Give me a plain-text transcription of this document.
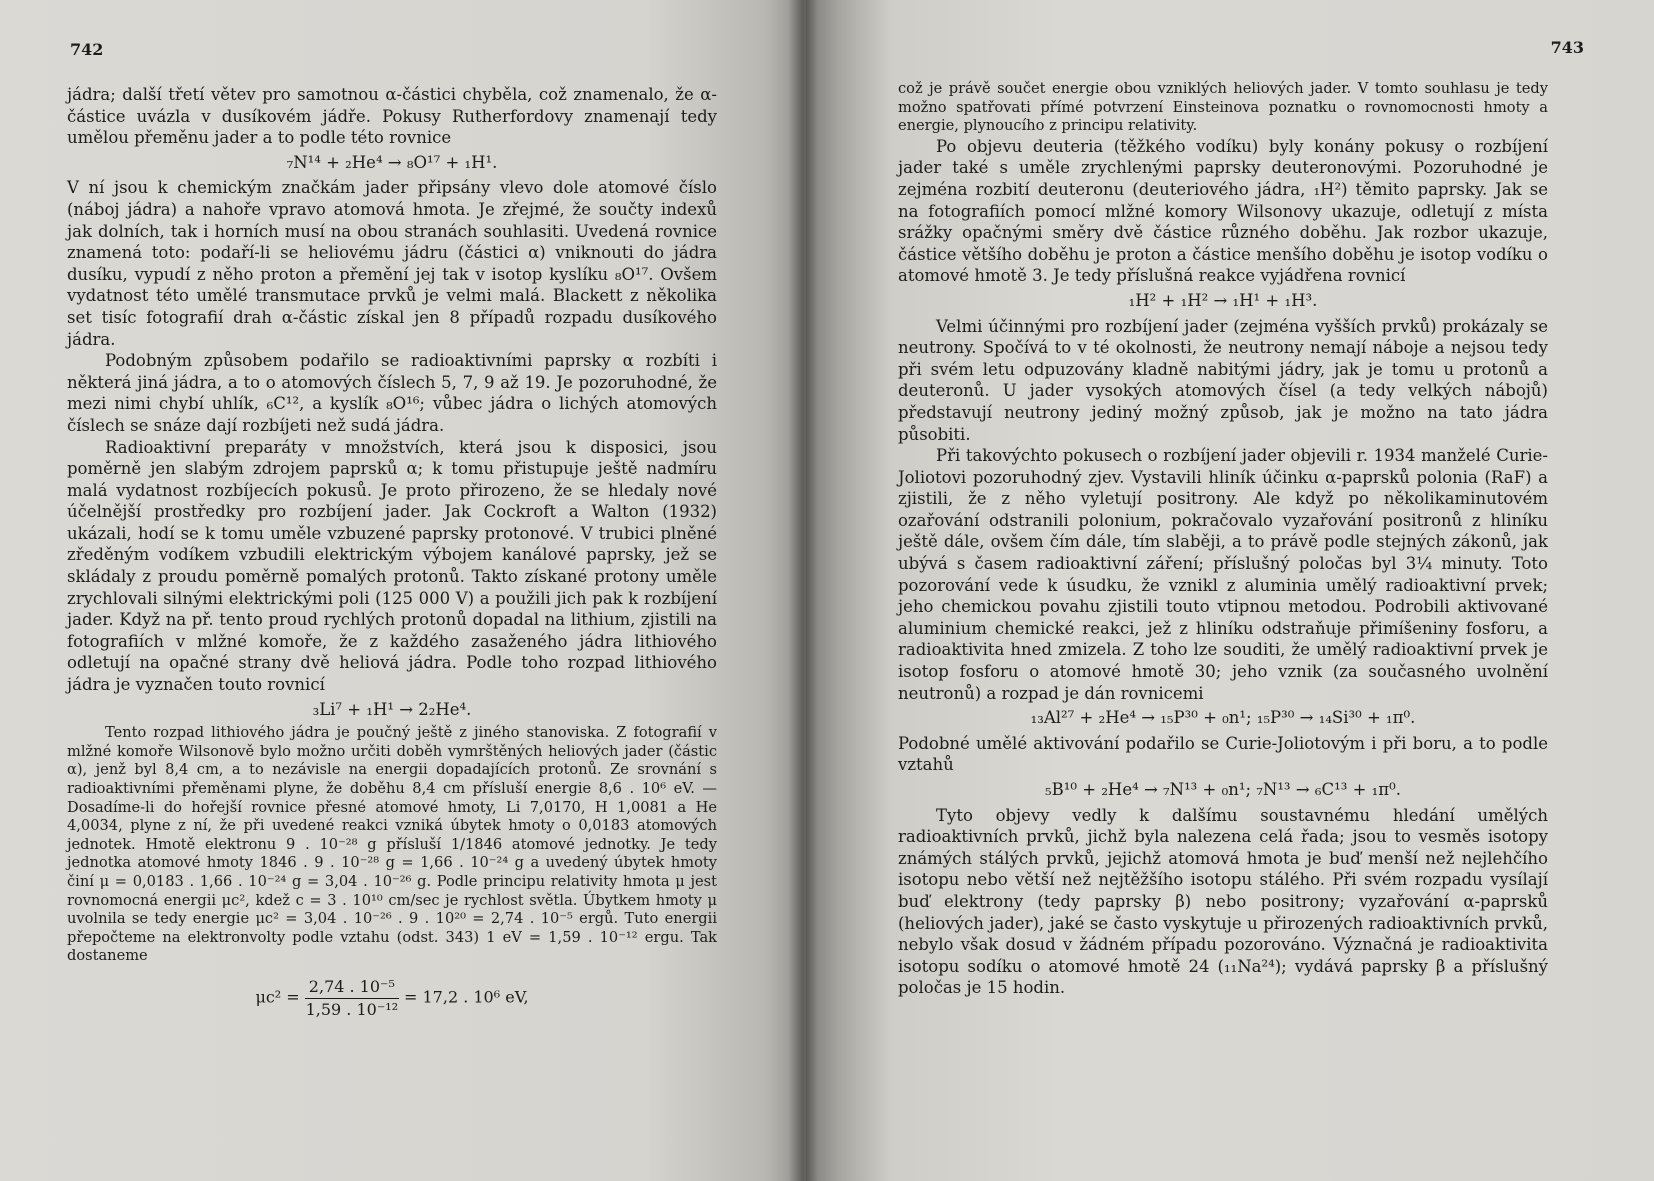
742

jádra; další třetí větev pro samotnou α-částici chyběla, což znamenalo, že α-částice uvázla v dusíkovém jádře. Pokusy Rutherfordovy znamenají tedy umělou přeměnu jader a to podle této rovnice

₇N¹⁴ + ₂He⁴ → ₈O¹⁷ + ₁H¹.

V ní jsou k chemickým značkám jader připsány vlevo dole atomové číslo (náboj jádra) a nahoře vpravo atomová hmota. Je zřejmé, že součty indexů jak dolních, tak i horních musí na obou stranách souhlasiti. Uvedená rovnice znamená toto: podaří-li se heliovému jádru (částici α) vniknouti do jádra dusíku, vypudí z něho proton a přemění jej tak v isotop kyslíku ₈O¹⁷. Ovšem vydatnost této umělé transmutace prvků je velmi malá. Blackett z několika set tisíc fotografií drah α-částic získal jen 8 případů rozpadu dusíkového jádra.

Podobným způsobem podařilo se radioaktivními paprsky α rozbíti i některá jiná jádra, a to o atomových číslech 5, 7, 9 až 19. Je pozoruhodné, že mezi nimi chybí uhlík, ₆C¹², a kyslík ₈O¹⁶; vůbec jádra o lichých atomových číslech se snáze dají rozbíjeti než sudá jádra.

Radioaktivní preparáty v množstvích, která jsou k disposici, jsou poměrně jen slabým zdrojem paprsků α; k tomu přistupuje ještě nadmíru malá vydatnost rozbíjecích pokusů. Je proto přirozeno, že se hledaly nové účelnější prostředky pro rozbíjení jader. Jak Cockroft a Walton (1932) ukázali, hodí se k tomu uměle vzbuzené paprsky protonové. V trubici plněné zředěným vodíkem vzbudili elektrickým výbojem kanálové paprsky, jež se skládaly z proudu poměrně pomalých protonů. Takto získané protony uměle zrychlovali silnými elektrickými poli (125 000 V) a použili jich pak k rozbíjení jader. Když na př. tento proud rychlých protonů dopadal na lithium, zjistili na fotografiích v mlžné komoře, že z každého zasaženého jádra lithiového odletují na opačné strany dvě heliová jádra. Podle toho rozpad lithiového jádra je vyznačen touto rovnicí

₃Li⁷ + ₁H¹ → 2₂He⁴.

Tento rozpad lithiového jádra je poučný ještě z jiného stanoviska. Z fotografií v mlžné komoře Wilsonově bylo možno určiti doběh vymrštěných heliových jader (částic α), jenž byl 8,4 cm, a to nezávisle na energii dopadajících protonů. Ze srovnání s radioaktivními přeměnami plyne, že doběhu 8,4 cm přísluší energie 8,6 . 10⁶ eV. — Dosadíme-li do hořejší rovnice přesné atomové hmoty, Li 7,0170, H 1,0081 a He 4,0034, plyne z ní, že při uvedené reakci vzniká úbytek hmoty o 0,0183 atomových jednotek. Hmotě elektronu 9 . 10⁻²⁸ g přísluší 1/1846 atomové jednotky. Je tedy jednotka atomové hmoty 1846 . 9 . 10⁻²⁸ g = 1,66 . 10⁻²⁴ g a uvedený úbytek hmoty činí μ = 0,0183 . 1,66 . 10⁻²⁴ g = 3,04 . 10⁻²⁶ g. Podle principu relativity hmota μ jest rovnomocná energii μc², kdež c = 3 . 10¹⁰ cm/sec je rychlost světla. Úbytkem hmoty μ uvolnila se tedy energie μc² = 3,04 . 10⁻²⁶ . 9 . 10²⁰ = 2,74 . 10⁻⁵ ergů. Tuto energii přepočteme na elektronvolty podle vztahu (odst. 343) 1 eV = 1,59 . 10⁻¹² ergu. Tak dostaneme

$\mu c^2 = \frac{\text{2,74 . 10⁻⁵}}{\text{1,59 . 10⁻¹²}} = 17,2$ . 10⁶ eV,
743

což je právě součet energie obou vzniklých heliových jader. V tomto souhlasu je tedy možno spatřovati přímé potvrzení Einsteinova poznatku o rovnomocnosti hmoty a energie, plynoucího z principu relativity.

Po objevu deuteria (těžkého vodíku) byly konány pokusy o rozbíjení jader také s uměle zrychlenými paprsky deuteronovými. Pozoruhodné je zejména rozbití deuteronu (deuteriového jádra, ₁H²) těmito paprsky. Jak se na fotografiích pomocí mlžné komory Wilsonovy ukazuje, odletují z místa srážky opačnými směry dvě částice různého doběhu. Jak rozbor ukazuje, částice většího doběhu je proton a částice menšího doběhu je isotop vodíku o atomové hmotě 3. Je tedy příslušná reakce vyjádřena rovnicí

₁H² + ₁H² → ₁H¹ + ₁H³.

Velmi účinnými pro rozbíjení jader (zejména vyšších prvků) prokázaly se neutrony. Spočívá to v té okolnosti, že neutrony nemají náboje a nejsou tedy při svém letu odpuzovány kladně nabitými jádry, jak je tomu u protonů a deuteronů. U jader vysokých atomových čísel (a tedy velkých nábojů) představují neutrony jediný možný způsob, jak je možno na tato jádra působiti.

Při takovýchto pokusech o rozbíjení jader objevili r. 1934 manželé Curie-Joliotovi pozoruhodný zjev. Vystavili hliník účinku α-paprsků polonia (RaF) a zjistili, že z něho vyletují positrony. Ale když po několikaminutovém ozařování odstranili polonium, pokračovalo vyzařování positronů z hliníku ještě dále, ovšem čím dále, tím slaběji, a to právě podle stejných zákonů, jak ubývá s časem radioaktivní záření; příslušný poločas byl 3¼ minuty. Toto pozorování vede k úsudku, že vznikl z aluminia umělý radioaktivní prvek; jeho chemickou povahu zjistili touto vtipnou metodou. Podrobili aktivované aluminium chemické reakci, jež z hliníku odstraňuje přimíšeniny fosforu, a radioaktivita hned zmizela. Z toho lze souditi, že umělý radioaktivní prvek je isotop fosforu o atomové hmotě 30; jeho vznik (za současného uvolnění neutronů) a rozpad je dán rovnicemi

₁₃Al²⁷ + ₂He⁴ → ₁₅P³⁰ + ₀n¹; ₁₅P³⁰ → ₁₄Si³⁰ + ₁π⁰.

Podobné umělé aktivování podařilo se Curie-Joliotovým i při boru, a to podle vztahů

₅B¹⁰ + ₂He⁴ → ₇N¹³ + ₀n¹; ₇N¹³ → ₆C¹³ + ₁π⁰.

Tyto objevy vedly k dalšímu soustavnému hledání umělých radioaktivních prvků, jichž byla nalezena celá řada; jsou to vesměs isotopy známých stálých prvků, jejichž atomová hmota je buď menší než nejlehčího isotopu nebo větší než nejtěžšího isotopu stálého. Při svém rozpadu vysílají buď elektrony (tedy paprsky β) nebo positrony; vyzařování α-paprsků (heliových jader), jaké se často vyskytuje u přirozených radioaktivních prvků, nebylo však dosud v žádném případu pozorováno. Význačná je radioaktivita isotopu sodíku o atomové hmotě 24 (₁₁Na²⁴); vydává paprsky β a příslušný poločas je 15 hodin.
